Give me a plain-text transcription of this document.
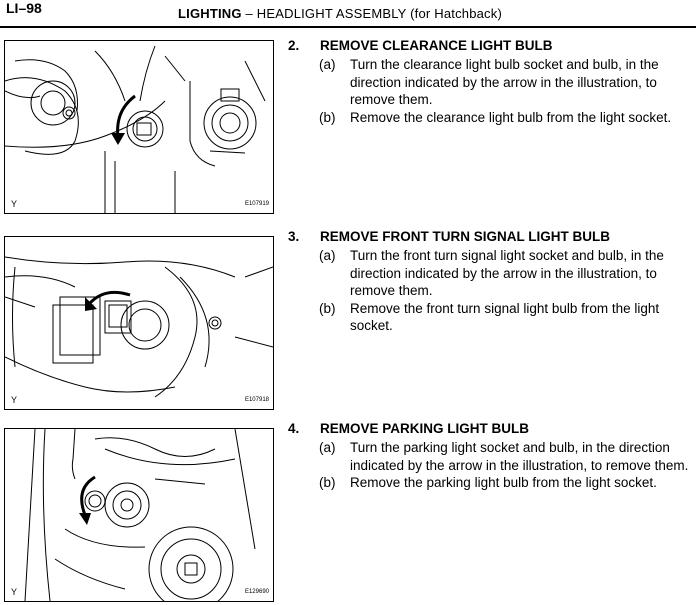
LI–98	LIGHTING – HEADLIGHT ASSEMBLY (for Hatchback)
Y	E107919
Y	E107918
Y	E129690
2. REMOVE CLEARANCE LIGHT BULB
(a) Turn the clearance light bulb socket and bulb, in the direction indicated by the arrow in the illustration, to remove them.
(b) Remove the clearance light bulb from the light socket.
3. REMOVE FRONT TURN SIGNAL LIGHT BULB
(a) Turn the front turn signal light socket and bulb, in the direction indicated by the arrow in the illustration, to remove them.
(b) Remove the front turn signal light bulb from the light socket.
4. REMOVE PARKING LIGHT BULB
(a) Turn the parking light socket and bulb, in the direction indicated by the arrow in the illustration, to remove them.
(b) Remove the parking light bulb from the light socket.
